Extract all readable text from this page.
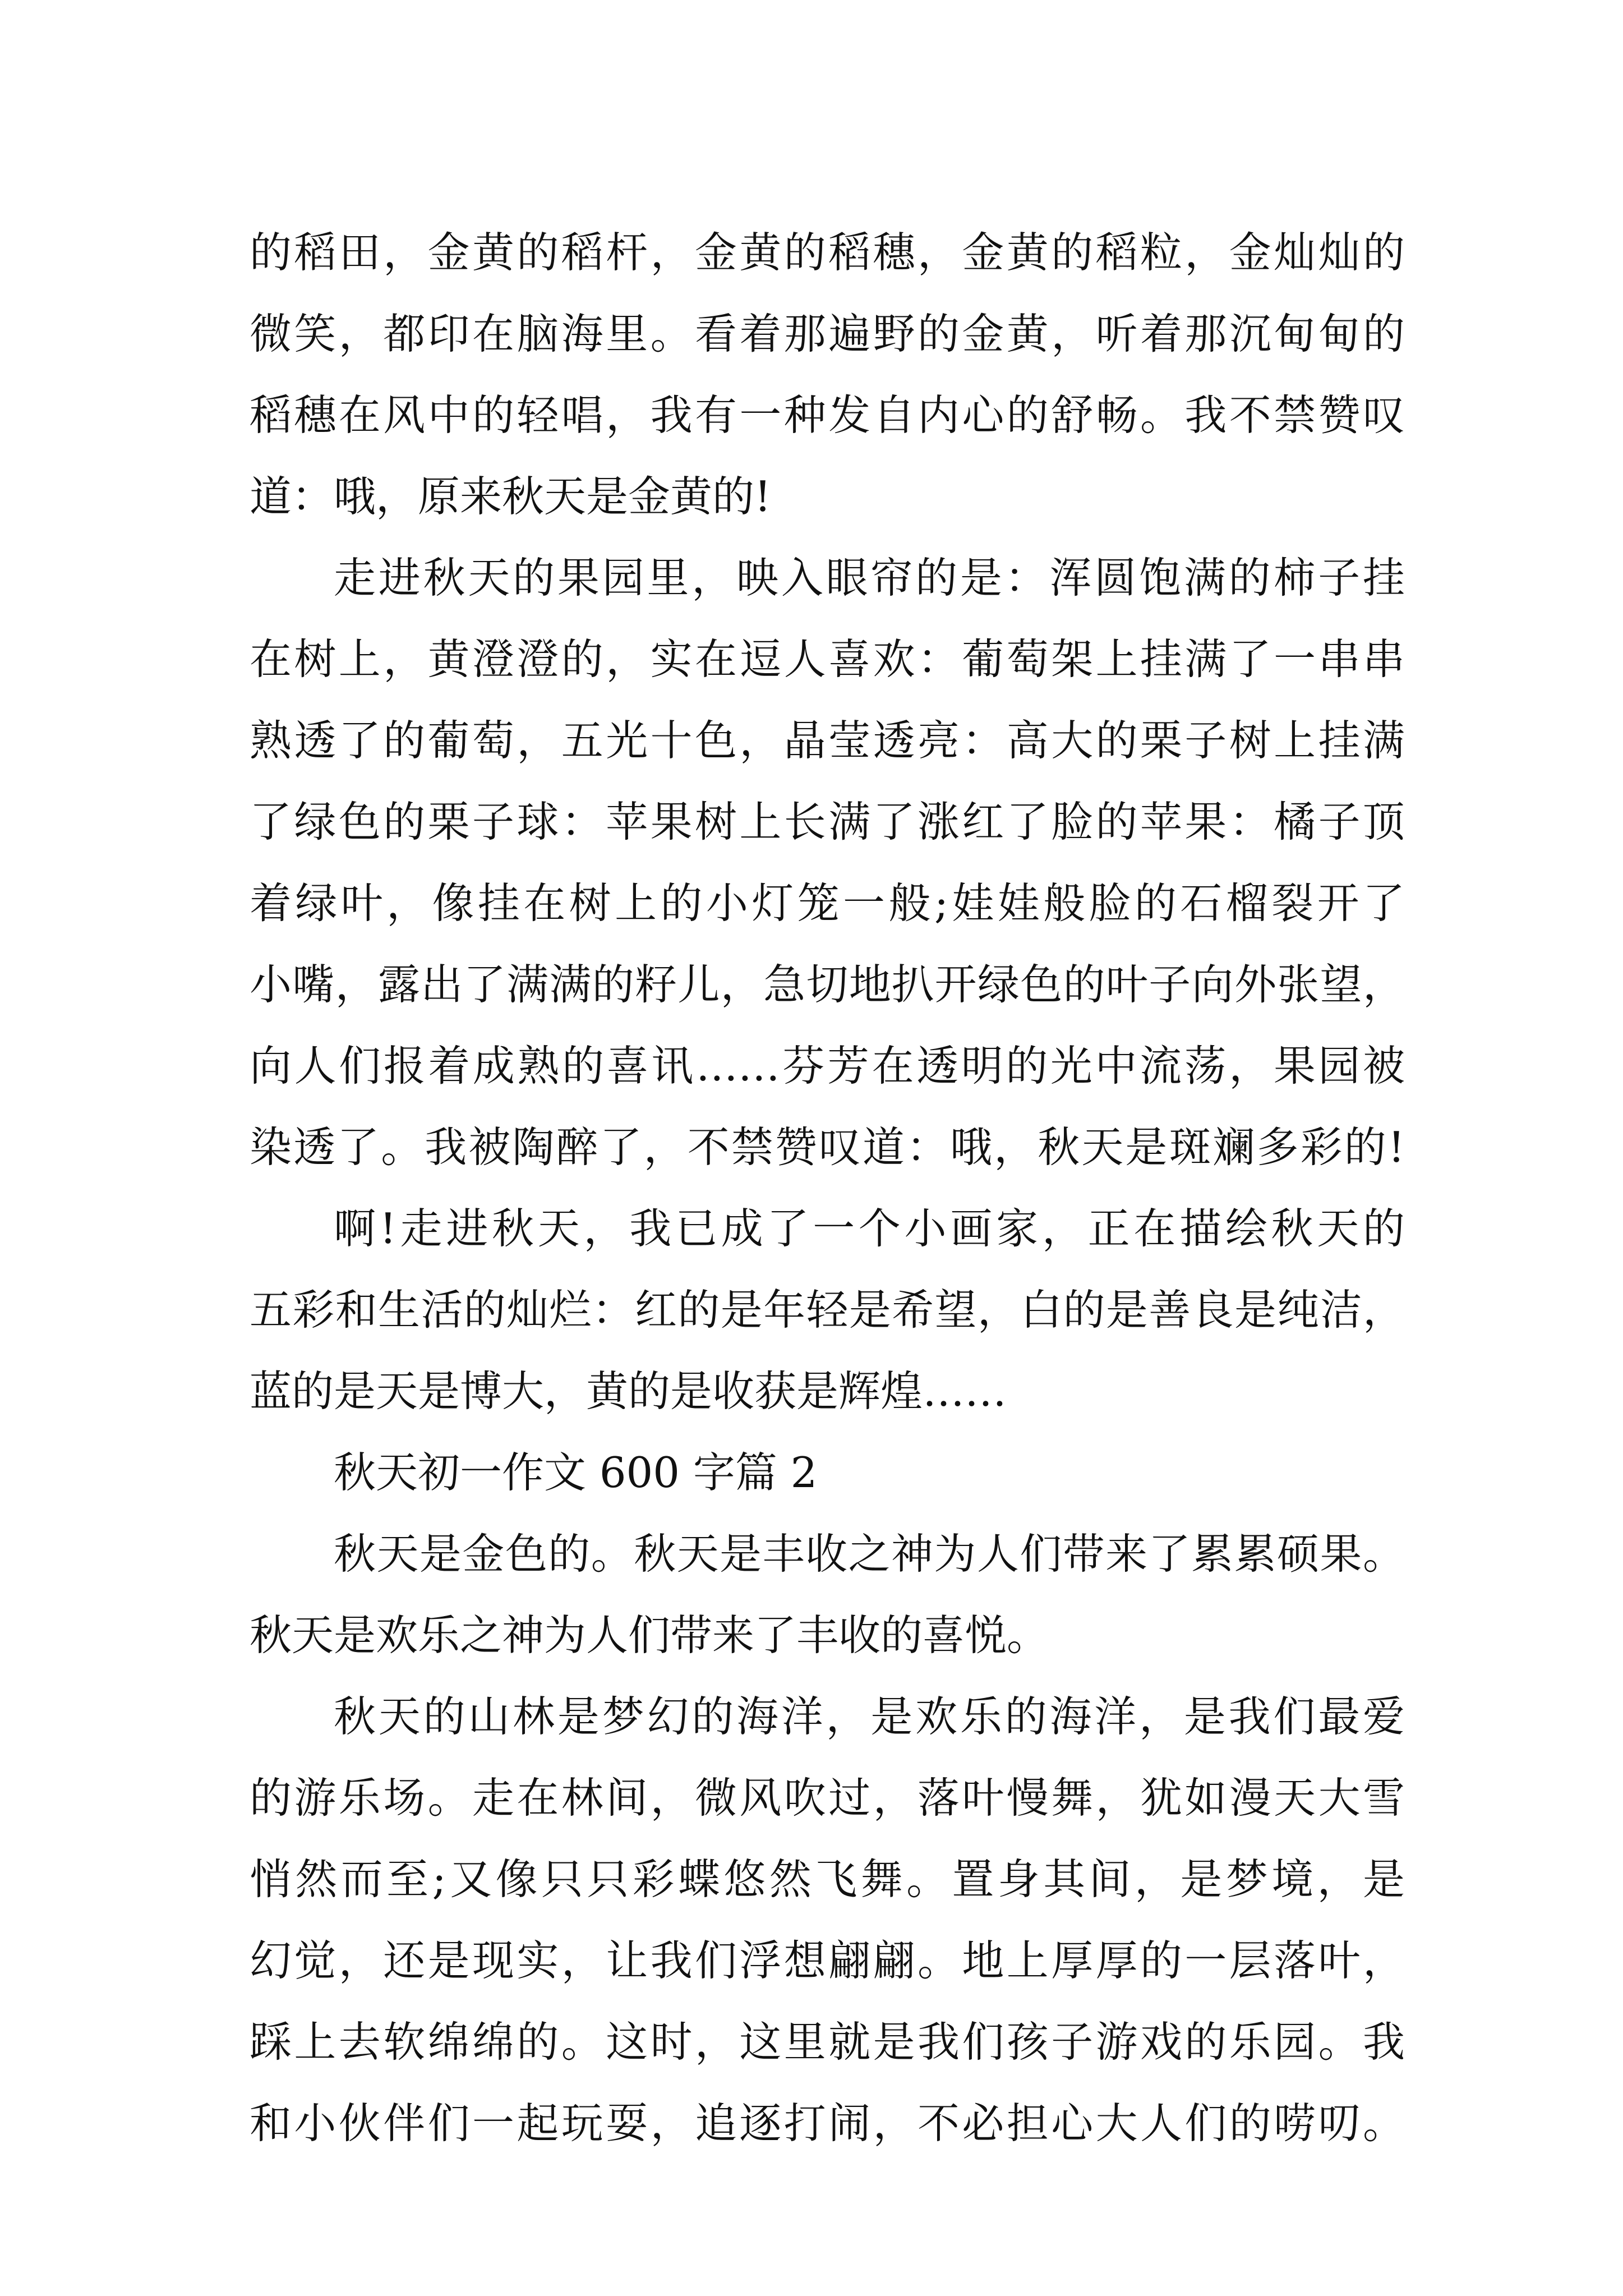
的稻田，金黄的稻杆，金黄的稻穗，金黄的稻粒，金灿灿的
微笑，都印在脑海里。看着那遍野的金黄，听着那沉甸甸的
稻穗在风中的轻唱，我有一种发自内心的舒畅。我不禁赞叹
道：哦，原来秋天是金黄的!
走进秋天的果园里，映入眼帘的是：浑圆饱满的柿子挂
在树上，黄澄澄的，实在逗人喜欢：葡萄架上挂满了一串串
熟透了的葡萄，五光十色，晶莹透亮：高大的栗子树上挂满
了绿色的栗子球：苹果树上长满了涨红了脸的苹果：橘子顶
着绿叶，像挂在树上的小灯笼一般;娃娃般脸的石榴裂开了
小嘴，露出了满满的籽儿，急切地扒开绿色的叶子向外张望，
向人们报着成熟的喜讯……芬芳在透明的光中流荡，果园被
染透了。我被陶醉了，不禁赞叹道：哦，秋天是斑斓多彩的!
啊!走进秋天，我已成了一个小画家，正在描绘秋天的
五彩和生活的灿烂：红的是年轻是希望，白的是善良是纯洁，
蓝的是天是博大，黄的是收获是辉煌……
秋天初一作文 600 字篇 2
秋天是金色的。秋天是丰收之神为人们带来了累累硕果。
秋天是欢乐之神为人们带来了丰收的喜悦。
秋天的山林是梦幻的海洋，是欢乐的海洋，是我们最爱
的游乐场。走在林间，微风吹过，落叶慢舞，犹如漫天大雪
悄然而至;又像只只彩蝶悠然飞舞。置身其间，是梦境，是
幻觉，还是现实，让我们浮想翩翩。地上厚厚的一层落叶，
踩上去软绵绵的。这时，这里就是我们孩子游戏的乐园。我
和小伙伴们一起玩耍，追逐打闹，不必担心大人们的唠叨。
